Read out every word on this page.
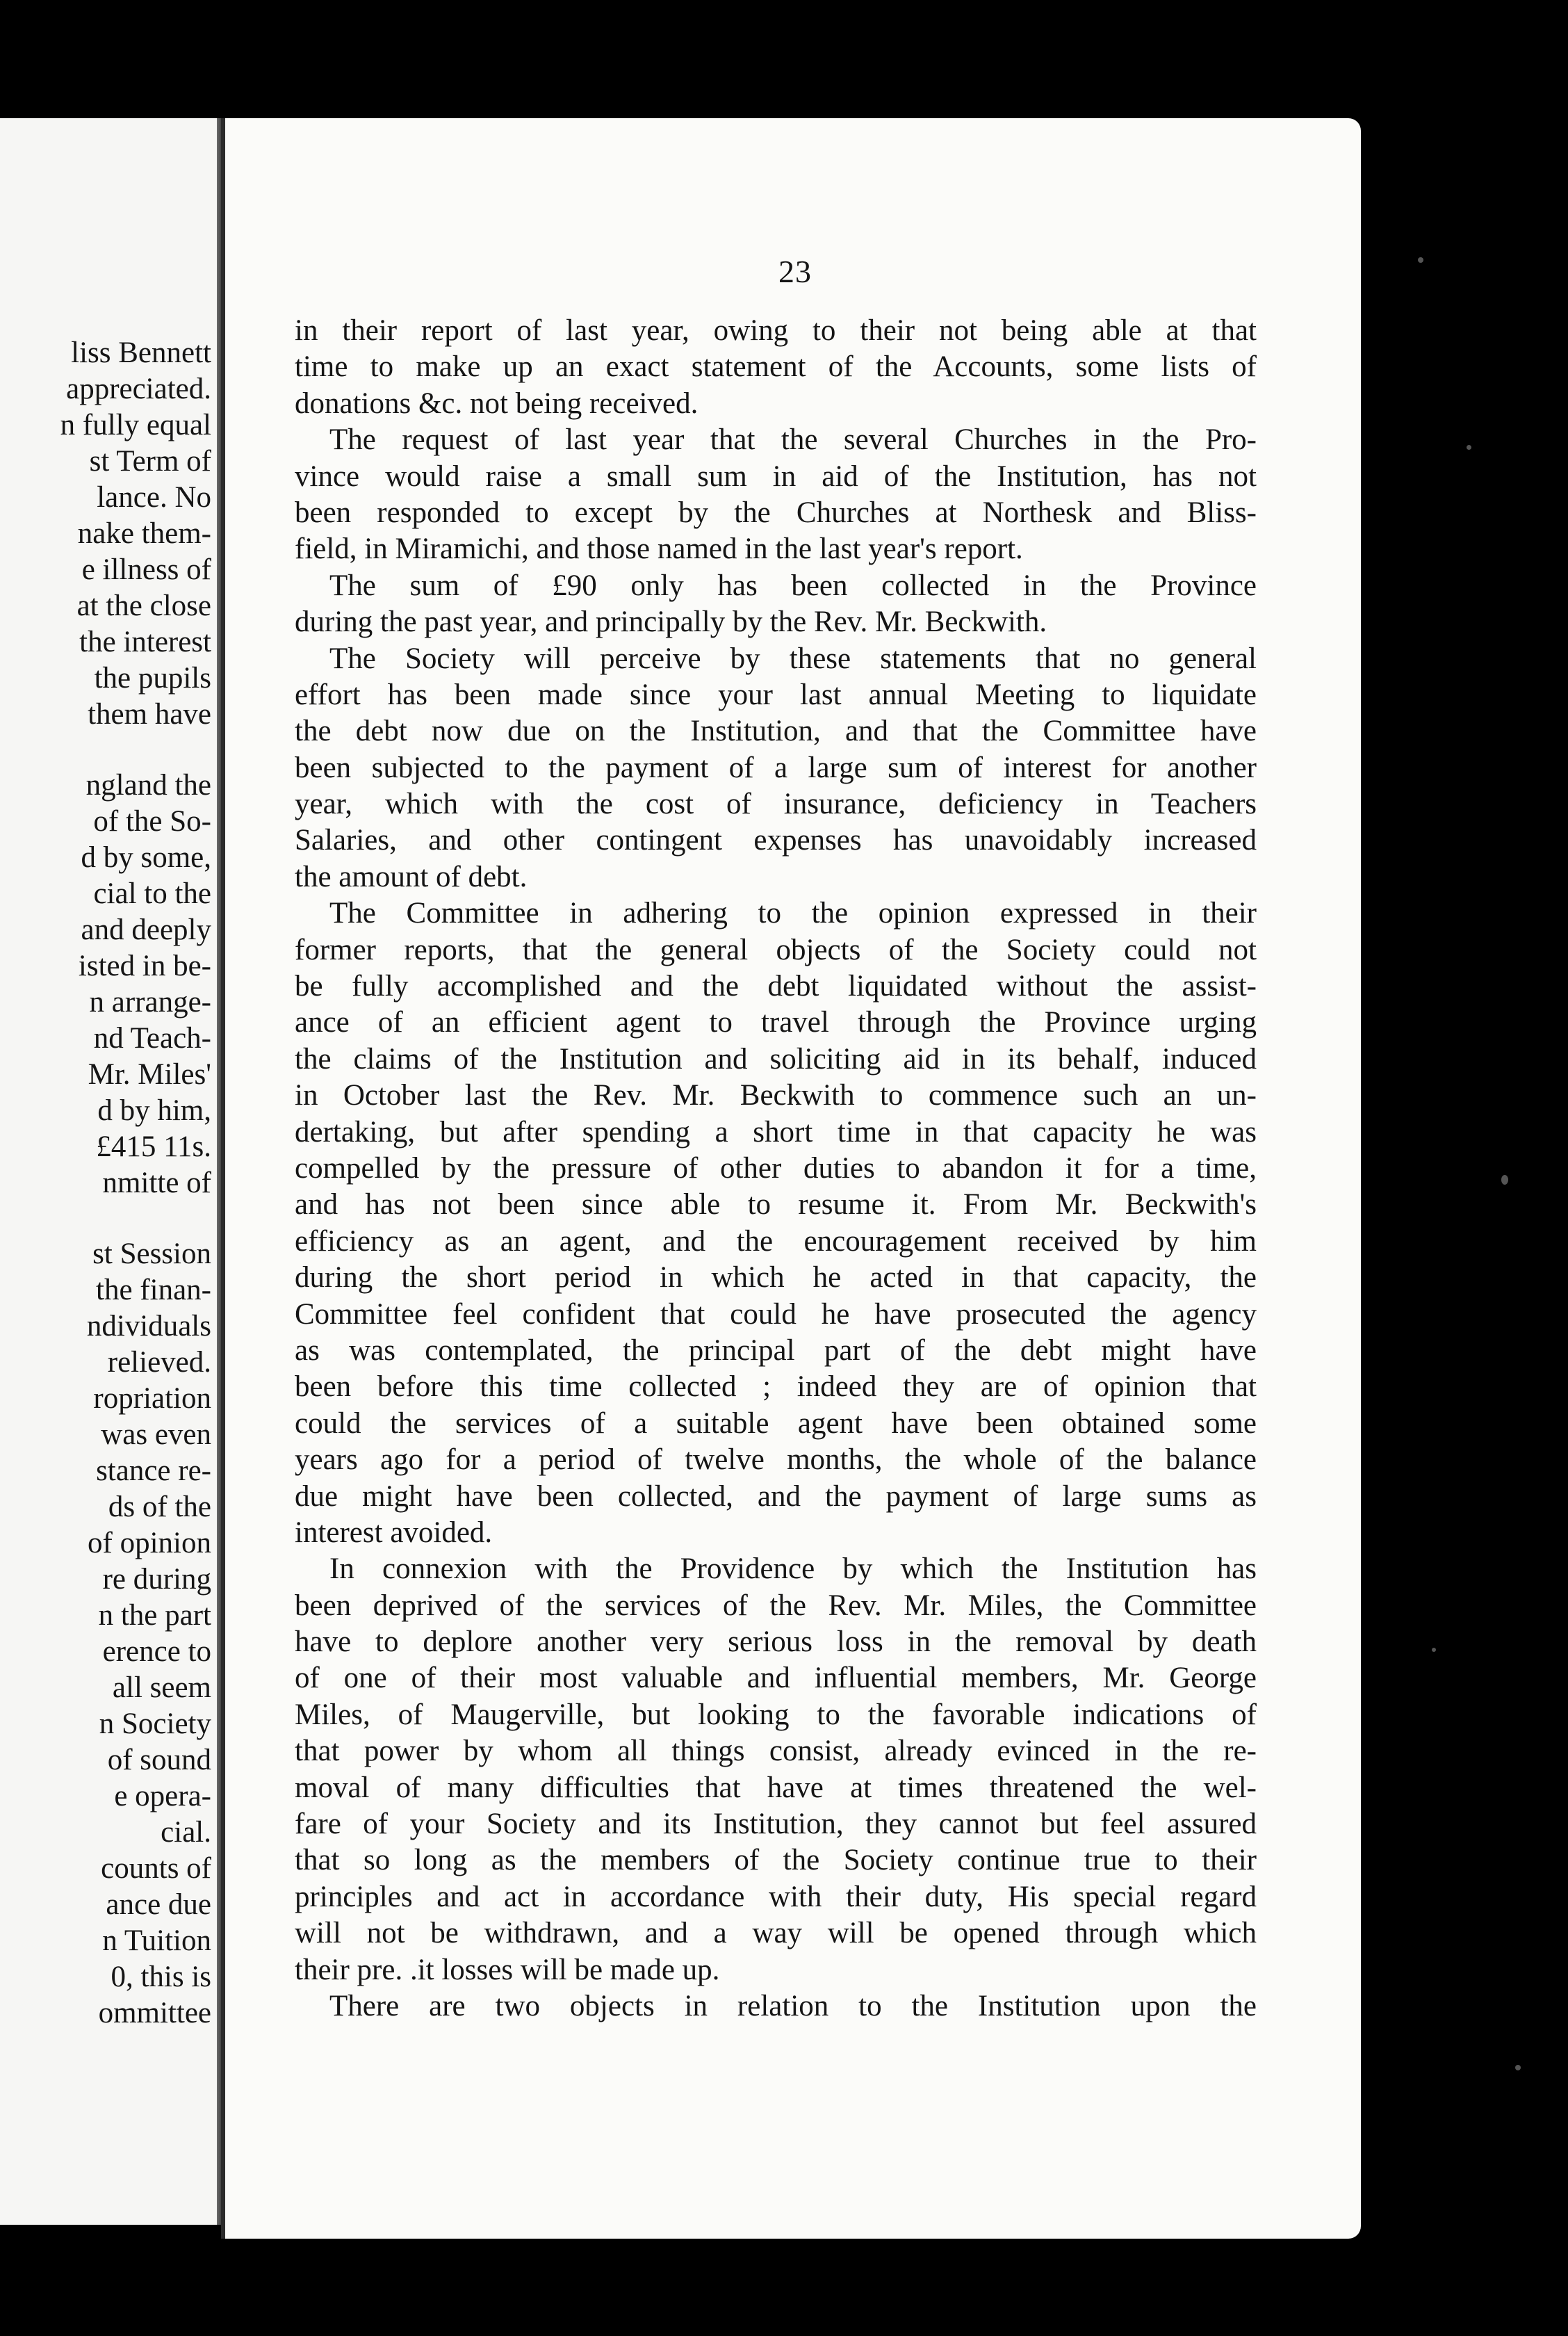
liss Bennett
appreciated.
n fully equal
st Term of
lance. No
nake them-
e illness of
at the close
the interest
the pupils
them have
ngland the
of the So-
d by some,
cial to the
and deeply
isted in be-
n arrange-
nd Teach-
Mr. Miles'
d by him,
£415 11s.
nmitte of
st Session
the finan-
ndividuals
relieved.
ropriation
was even
stance re-
ds of the
of opinion
re during
n the part
erence to
all seem
n Society
of sound
e opera-
cial.
counts of
ance due
n Tuition
0, this is
ommittee
23
in their report of last year, owing to their not being able at that
time to make up an exact statement of the Accounts, some lists of
donations &c. not being received.
The request of last year that the several Churches in the Pro-
vince would raise a small sum in aid of the Institution, has not
been responded to except by the Churches at Northesk and Bliss-
field, in Miramichi, and those named in the last year's report.
The sum of £90 only has been collected in the Province
during the past year, and principally by the Rev. Mr. Beckwith.
The Society will perceive by these statements that no general
effort has been made since your last annual Meeting to liquidate
the debt now due on the Institution, and that the Committee have
been subjected to the payment of a large sum of interest for another
year, which with the cost of insurance, deficiency in Teachers
Salaries, and other contingent expenses has unavoidably increased
the amount of debt.
The Committee in adhering to the opinion expressed in their
former reports, that the general objects of the Society could not
be fully accomplished and the debt liquidated without the assist-
ance of an efficient agent to travel through the Province urging
the claims of the Institution and soliciting aid in its behalf, induced
in October last the Rev. Mr. Beckwith to commence such an un-
dertaking, but after spending a short time in that capacity he was
compelled by the pressure of other duties to abandon it for a time,
and has not been since able to resume it. From Mr. Beckwith's
efficiency as an agent, and the encouragement received by him
during the short period in which he acted in that capacity, the
Committee feel confident that could he have prosecuted the agency
as was contemplated, the principal part of the debt might have
been before this time collected ; indeed they are of opinion that
could the services of a suitable agent have been obtained some
years ago for a period of twelve months, the whole of the balance
due might have been collected, and the payment of large sums as
interest avoided.
In connexion with the Providence by which the Institution has
been deprived of the services of the Rev. Mr. Miles, the Committee
have to deplore another very serious loss in the removal by death
of one of their most valuable and influential members, Mr. George
Miles, of Maugerville, but looking to the favorable indications of
that power by whom all things consist, already evinced in the re-
moval of many difficulties that have at times threatened the wel-
fare of your Society and its Institution, they cannot but feel assured
that so long as the members of the Society continue true to their
principles and act in accordance with their duty, His special regard
will not be withdrawn, and a way will be opened through which
their pre. .it losses will be made up.
There are two objects in relation to the Institution upon the
